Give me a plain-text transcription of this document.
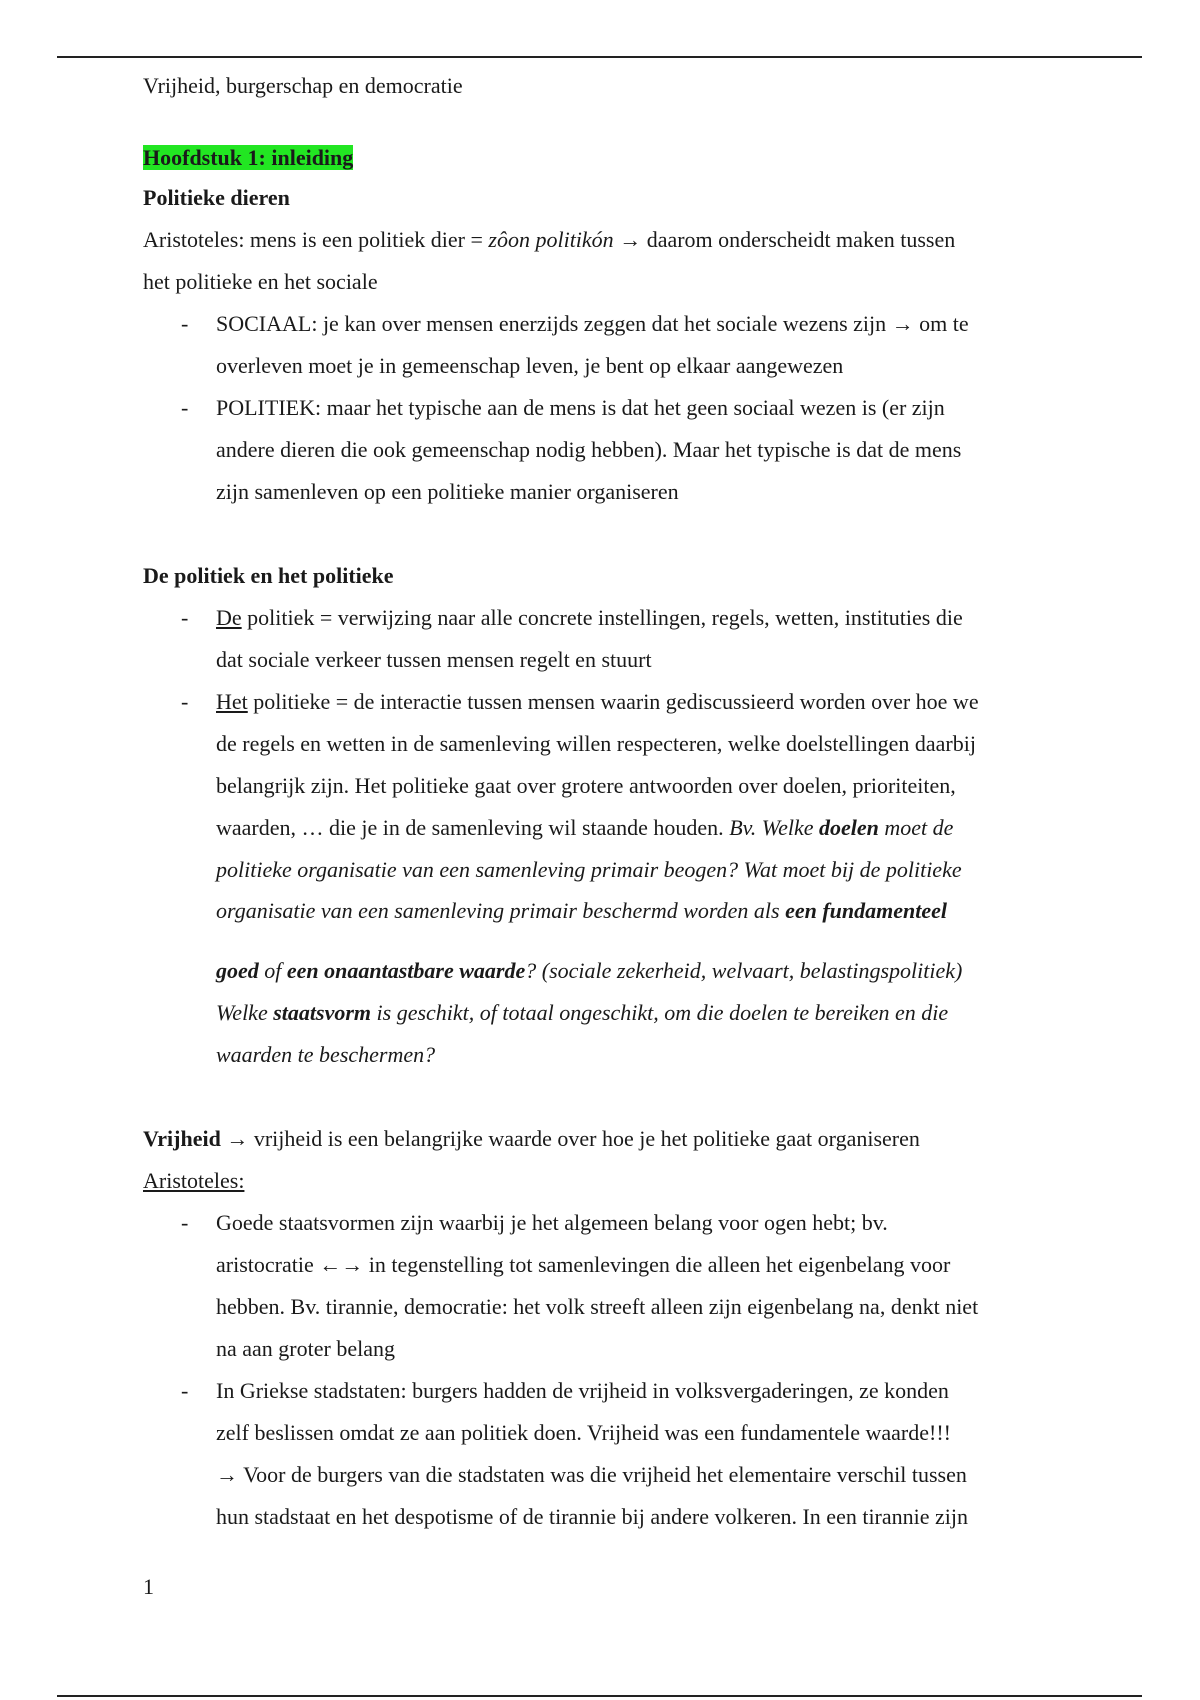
Vrijheid, burgerschap en democratie
Hoofdstuk 1: inleiding
Politieke dieren
Aristoteles: mens is een politiek dier = zôon politikón → daarom onderscheidt maken tussen
het politieke en het sociale
- SOCIAAL: je kan over mensen enerzijds zeggen dat het sociale wezens zijn → om te
overleven moet je in gemeenschap leven, je bent op elkaar aangewezen
- POLITIEK: maar het typische aan de mens is dat het geen sociaal wezen is (er zijn
andere dieren die ook gemeenschap nodig hebben). Maar het typische is dat de mens
zijn samenleven op een politieke manier organiseren
De politiek en het politieke
- De politiek = verwijzing naar alle concrete instellingen, regels, wetten, instituties die
dat sociale verkeer tussen mensen regelt en stuurt
- Het politieke = de interactie tussen mensen waarin gediscussieerd worden over hoe we
de regels en wetten in de samenleving willen respecteren, welke doelstellingen daarbij
belangrijk zijn. Het politieke gaat over grotere antwoorden over doelen, prioriteiten,
waarden, … die je in de samenleving wil staande houden. Bv. Welke doelen moet de
politieke organisatie van een samenleving primair beogen? Wat moet bij de politieke
organisatie van een samenleving primair beschermd worden als een fundamenteel
goed of een onaantastbare waarde? (sociale zekerheid, welvaart, belastingspolitiek)
Welke staatsvorm is geschikt, of totaal ongeschikt, om die doelen te bereiken en die
waarden te beschermen?
Vrijheid → vrijheid is een belangrijke waarde over hoe je het politieke gaat organiseren
Aristoteles:
- Goede staatsvormen zijn waarbij je het algemeen belang voor ogen hebt; bv.
aristocratie ←→ in tegenstelling tot samenlevingen die alleen het eigenbelang voor
hebben. Bv. tirannie, democratie: het volk streeft alleen zijn eigenbelang na, denkt niet
na aan groter belang
- In Griekse stadstaten: burgers hadden de vrijheid in volksvergaderingen, ze konden
zelf beslissen omdat ze aan politiek doen. Vrijheid was een fundamentele waarde!!!
→ Voor de burgers van die stadstaten was die vrijheid het elementaire verschil tussen
hun stadstaat en het despotisme of de tirannie bij andere volkeren. In een tirannie zijn
1
